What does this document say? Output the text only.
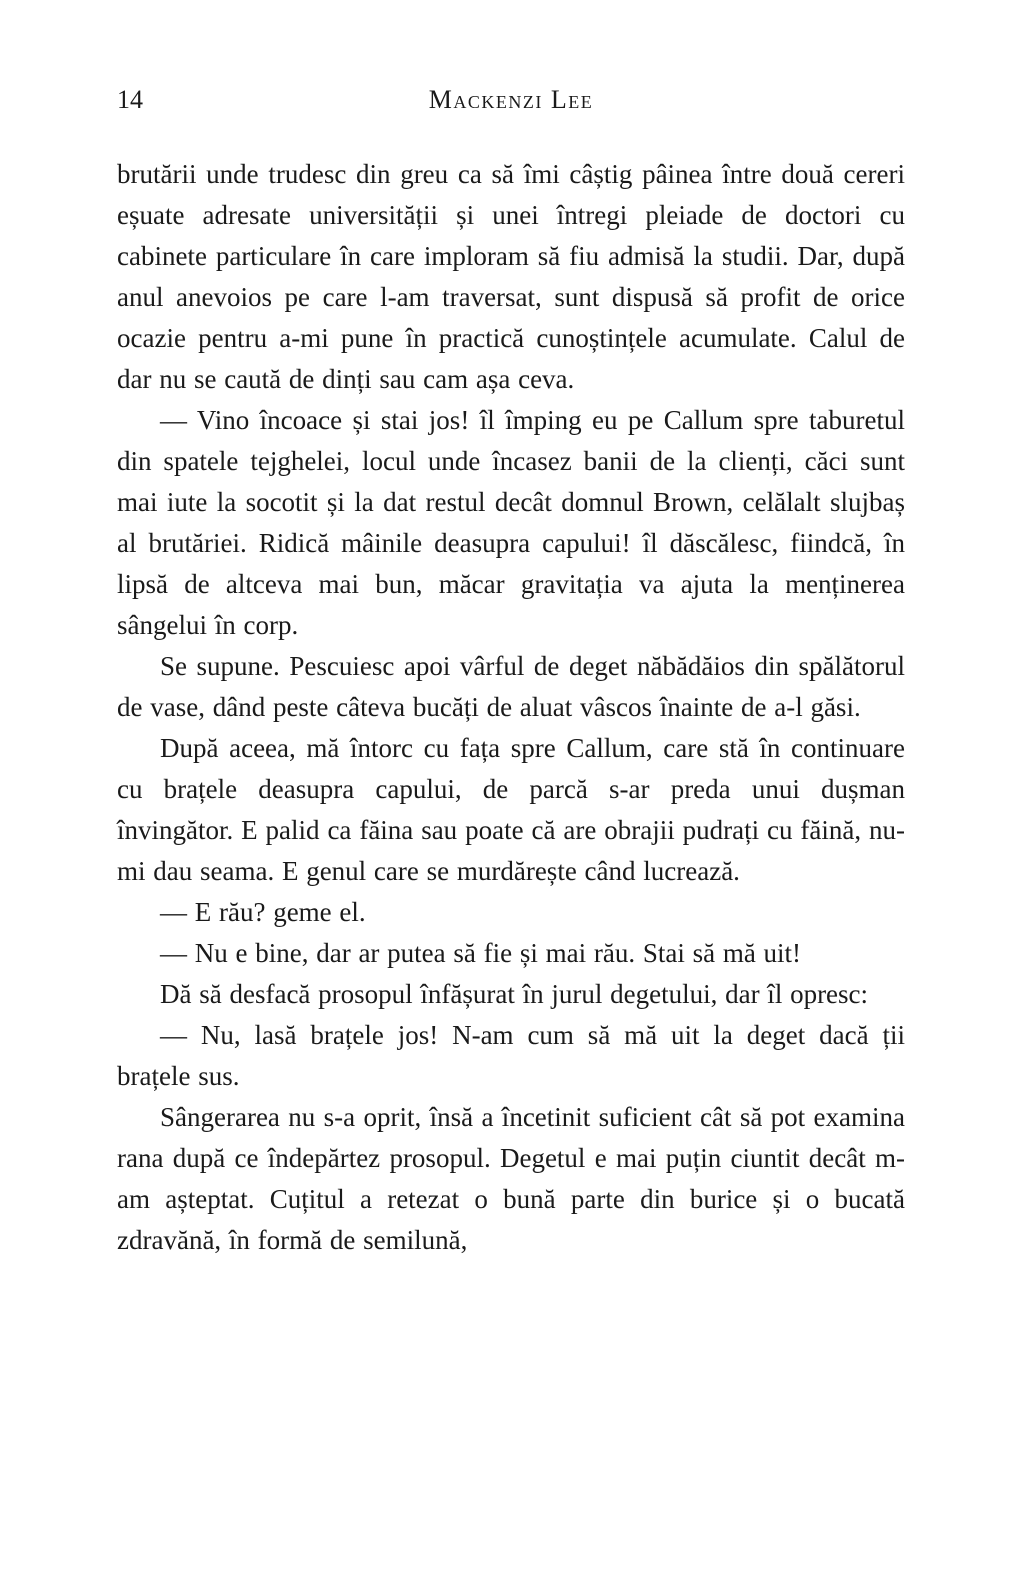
14	Mackenzi Lee

brutării unde trudesc din greu ca să îmi câștig pâinea între două cereri eșuate adresate universității și unei întregi pleiade de doctori cu cabinete particulare în care imploram să fiu admisă la studii. Dar, după anul anevoios pe care l-am traversat, sunt dispusă să profit de orice ocazie pentru a-mi pune în practică cunoștințele acumulate. Calul de dar nu se caută de dinți sau cam așa ceva.

— Vino încoace și stai jos! îl împing eu pe Callum spre taburetul din spatele tejghelei, locul unde încasez banii de la clienți, căci sunt mai iute la socotit și la dat restul decât domnul Brown, celălalt slujbaș al brutăriei. Ridică mâinile deasupra capului! îl dăscălesc, fiindcă, în lipsă de altceva mai bun, măcar gravitația va ajuta la menținerea sângelui în corp.

Se supune. Pescuiesc apoi vârful de deget năbădăios din spălătorul de vase, dând peste câteva bucăți de aluat vâscos înainte de a-l găsi.

După aceea, mă întorc cu fața spre Callum, care stă în continuare cu brațele deasupra capului, de parcă s-ar preda unui dușman învingător. E palid ca făina sau poate că are obrajii pudrați cu făină, nu-mi dau seama. E genul care se murdărește când lucrează.

— E rău? geme el.

— Nu e bine, dar ar putea să fie și mai rău. Stai să mă uit!

Dă să desfacă prosopul înfășurat în jurul degetului, dar îl opresc:

— Nu, lasă brațele jos! N-am cum să mă uit la deget dacă ții brațele sus.

Sângerarea nu s-a oprit, însă a încetinit suficient cât să pot examina rana după ce îndepărtez prosopul. Degetul e mai puțin ciuntit decât m-am așteptat. Cuțitul a retezat o bună parte din burice și o bucată zdravănă, în formă de semilună,
